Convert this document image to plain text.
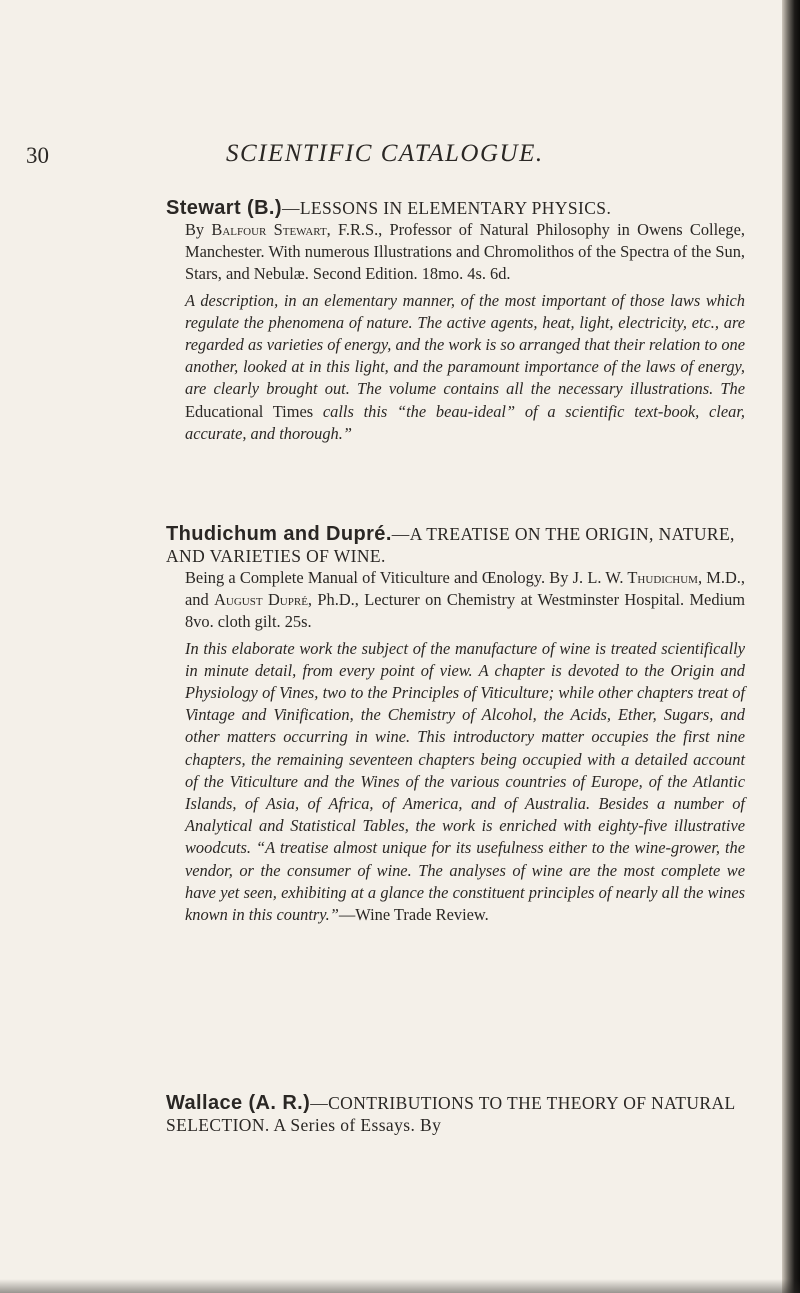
30	SCIENTIFIC CATALOGUE.
Stewart (B.)—LESSONS IN ELEMENTARY PHYSICS.
By Balfour Stewart, F.R.S., Professor of Natural Philosophy in Owens College, Manchester. With numerous Illustrations and Chromolithos of the Spectra of the Sun, Stars, and Nebulæ. Second Edition. 18mo. 4s. 6d.
A description, in an elementary manner, of the most important of those laws which regulate the phenomena of nature. The active agents, heat, light, electricity, etc., are regarded as varieties of energy, and the work is so arranged that their relation to one another, looked at in this light, and the paramount importance of the laws of energy, are clearly brought out. The volume contains all the necessary illustrations. The Educational Times calls this “the beau-ideal” of a scientific text-book, clear, accurate, and thorough.”
Thudichum and Dupré.—A TREATISE ON THE ORIGIN, NATURE, AND VARIETIES OF WINE.
Being a Complete Manual of Viticulture and Œnology. By J. L. W. Thudichum, M.D., and August Dupré, Ph.D., Lecturer on Chemistry at Westminster Hospital. Medium 8vo. cloth gilt. 25s.
In this elaborate work the subject of the manufacture of wine is treated scientifically in minute detail, from every point of view. A chapter is devoted to the Origin and Physiology of Vines, two to the Principles of Viticulture; while other chapters treat of Vintage and Vinification, the Chemistry of Alcohol, the Acids, Ether, Sugars, and other matters occurring in wine. This introductory matter occupies the first nine chapters, the remaining seventeen chapters being occupied with a detailed account of the Viticulture and the Wines of the various countries of Europe, of the Atlantic Islands, of Asia, of Africa, of America, and of Australia. Besides a number of Analytical and Statistical Tables, the work is enriched with eighty-five illustrative woodcuts. “A treatise almost unique for its usefulness either to the wine-grower, the vendor, or the consumer of wine. The analyses of wine are the most complete we have yet seen, exhibiting at a glance the constituent principles of nearly all the wines known in this country.”—Wine Trade Review.
Wallace (A. R.)—CONTRIBUTIONS TO THE THEORY OF NATURAL SELECTION. A Series of Essays. By
